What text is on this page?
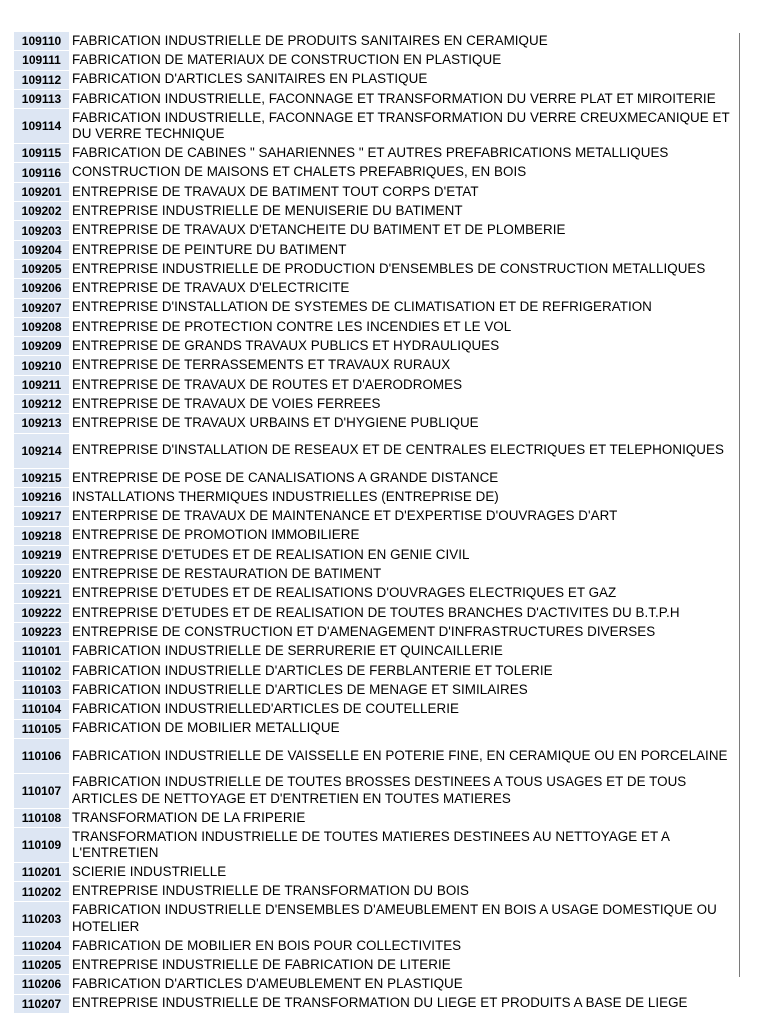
109110	FABRICATION INDUSTRIELLE DE PRODUITS SANITAIRES EN CERAMIQUE
109111	FABRICATION DE MATERIAUX DE CONSTRUCTION EN PLASTIQUE
109112	FABRICATION D'ARTICLES SANITAIRES EN PLASTIQUE
109113	FABRICATION INDUSTRIELLE, FACONNAGE ET TRANSFORMATION DU VERRE PLAT ET MIROITERIE
109114	FABRICATION INDUSTRIELLE, FACONNAGE ET TRANSFORMATION DU VERRE CREUXMECANIQUE ET DU VERRE TECHNIQUE
109115	FABRICATION DE CABINES " SAHARIENNES " ET AUTRES PREFABRICATIONS METALLIQUES
109116	CONSTRUCTION DE MAISONS ET CHALETS PREFABRIQUES, EN BOIS
109201	ENTREPRISE DE TRAVAUX DE BATIMENT TOUT CORPS D'ETAT
109202	ENTREPRISE INDUSTRIELLE DE MENUISERIE DU BATIMENT
109203	ENTREPRISE DE TRAVAUX D'ETANCHEITE DU BATIMENT ET DE PLOMBERIE
109204	ENTREPRISE DE PEINTURE DU BATIMENT
109205	ENTREPRISE INDUSTRIELLE DE PRODUCTION D'ENSEMBLES DE CONSTRUCTION METALLIQUES
109206	ENTREPRISE DE TRAVAUX D'ELECTRICITE
109207	ENTREPRISE D'INSTALLATION DE SYSTEMES DE CLIMATISATION ET DE REFRIGERATION
109208	ENTREPRISE DE PROTECTION CONTRE LES INCENDIES ET LE VOL
109209	ENTREPRISE DE GRANDS TRAVAUX PUBLICS ET HYDRAULIQUES
109210	ENTREPRISE DE TERRASSEMENTS ET TRAVAUX RURAUX
109211	ENTREPRISE DE TRAVAUX DE ROUTES ET D'AERODROMES
109212	ENTREPRISE DE TRAVAUX DE VOIES FERREES
109213	ENTREPRISE DE TRAVAUX URBAINS ET D'HYGIENE PUBLIQUE
109214	ENTREPRISE D'INSTALLATION DE RESEAUX ET DE CENTRALES ELECTRIQUES ET TELEPHONIQUES
109215	ENTREPRISE DE POSE DE CANALISATIONS A GRANDE DISTANCE
109216	INSTALLATIONS THERMIQUES INDUSTRIELLES (ENTREPRISE DE)
109217	ENTERPRISE DE TRAVAUX DE MAINTENANCE ET D'EXPERTISE D'OUVRAGES D'ART
109218	ENTREPRISE DE PROMOTION IMMOBILIERE
109219	ENTREPRISE D'ETUDES ET DE REALISATION EN GENIE CIVIL
109220	ENTREPRISE DE RESTAURATION DE BATIMENT
109221	ENTREPRISE D'ETUDES ET DE REALISATIONS D'OUVRAGES ELECTRIQUES ET GAZ
109222	ENTREPRISE D'ETUDES ET DE REALISATION DE TOUTES BRANCHES D'ACTIVITES DU B.T.P.H
109223	ENTREPRISE DE CONSTRUCTION ET D'AMENAGEMENT D'INFRASTRUCTURES DIVERSES
110101	FABRICATION INDUSTRIELLE DE SERRURERIE ET QUINCAILLERIE
110102	FABRICATION INDUSTRIELLE D'ARTICLES DE FERBLANTERIE ET TOLERIE
110103	FABRICATION INDUSTRIELLE D'ARTICLES DE MENAGE ET SIMILAIRES
110104	FABRICATION INDUSTRIELLED'ARTICLES DE COUTELLERIE
110105	FABRICATION DE MOBILIER METALLIQUE
110106	FABRICATION INDUSTRIELLE DE VAISSELLE EN POTERIE FINE, EN CERAMIQUE OU EN PORCELAINE
110107	FABRICATION INDUSTRIELLE DE TOUTES BROSSES DESTINEES A TOUS USAGES ET DE TOUS ARTICLES DE NETTOYAGE ET D'ENTRETIEN EN TOUTES MATIERES
110108	TRANSFORMATION DE LA FRIPERIE
110109	TRANSFORMATION INDUSTRIELLE DE TOUTES MATIERES DESTINEES AU NETTOYAGE ET A L'ENTRETIEN
110201	SCIERIE INDUSTRIELLE
110202	ENTREPRISE INDUSTRIELLE DE TRANSFORMATION DU BOIS
110203	FABRICATION INDUSTRIELLE D'ENSEMBLES D'AMEUBLEMENT EN BOIS A USAGE DOMESTIQUE OU HOTELIER
110204	FABRICATION DE MOBILIER EN BOIS POUR COLLECTIVITES
110205	ENTREPRISE INDUSTRIELLE DE FABRICATION DE LITERIE
110206	FABRICATION D'ARTICLES D'AMEUBLEMENT EN PLASTIQUE
110207	ENTREPRISE INDUSTRIELLE DE TRANSFORMATION DU LIEGE ET PRODUITS A BASE DE LIEGE
